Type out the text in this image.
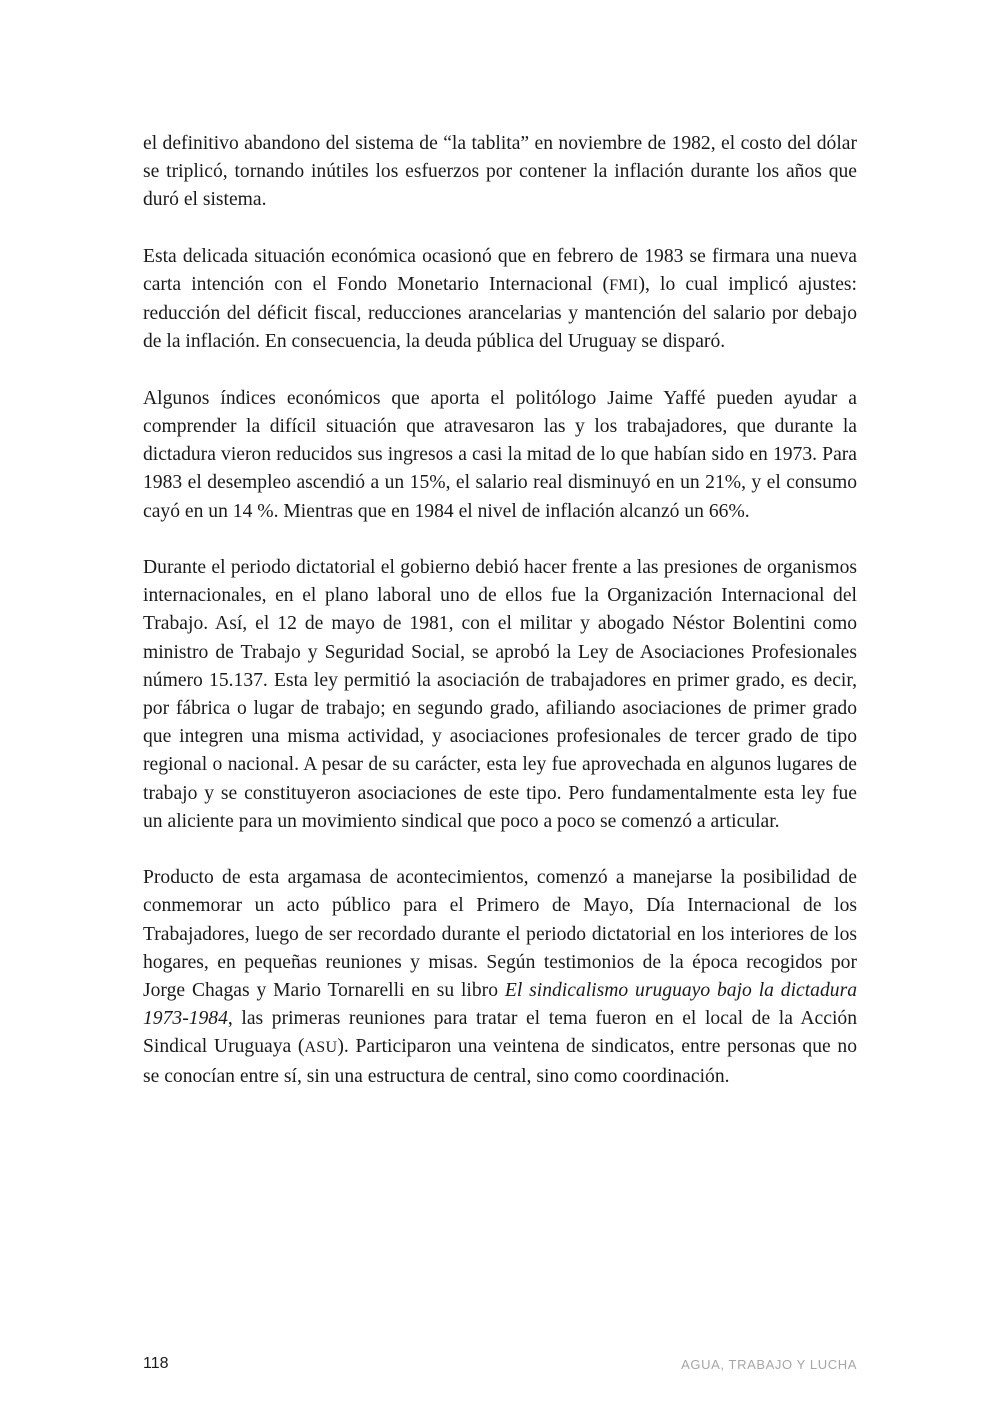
el definitivo abandono del sistema de “la tablita” en noviembre de 1982, el costo del dólar se triplicó, tornando inútiles los esfuerzos por contener la inflación durante los años que duró el sistema.

Esta delicada situación económica ocasionó que en febrero de 1983 se firmara una nueva carta intención con el Fondo Monetario Internacional (FMI), lo cual implicó ajustes: reducción del déficit fiscal, reducciones arancelarias y mantención del salario por debajo de la inflación. En consecuencia, la deuda pública del Uruguay se disparó.

Algunos índices económicos que aporta el politólogo Jaime Yaffé pueden ayudar a comprender la difícil situación que atravesaron las y los trabajadores, que durante la dictadura vieron reducidos sus ingresos a casi la mitad de lo que habían sido en 1973. Para 1983 el desempleo ascendió a un 15%, el salario real disminuyó en un 21%, y el consumo cayó en un 14 %. Mientras que en 1984 el nivel de inflación alcanzó un 66%.

Durante el periodo dictatorial el gobierno debió hacer frente a las presiones de organismos internacionales, en el plano laboral uno de ellos fue la Organización Internacional del Trabajo. Así, el 12 de mayo de 1981, con el militar y abogado Néstor Bolentini como ministro de Trabajo y Seguridad Social, se aprobó la Ley de Asociaciones Profesionales número 15.137. Esta ley permitió la asociación de trabajadores en primer grado, es decir, por fábrica o lugar de trabajo; en segundo grado, afiliando asociaciones de primer grado que integren una misma actividad, y asociaciones profesionales de tercer grado de tipo regional o nacional. A pesar de su carácter, esta ley fue aprovechada en algunos lugares de trabajo y se constituyeron asociaciones de este tipo. Pero fundamentalmente esta ley fue un aliciente para un movimiento sindical que poco a poco se comenzó a articular.

Producto de esta argamasa de acontecimientos, comenzó a manejarse la posibilidad de conmemorar un acto público para el Primero de Mayo, Día Internacional de los Trabajadores, luego de ser recordado durante el periodo dictatorial en los interiores de los hogares, en pequeñas reuniones y misas. Según testimonios de la época recogidos por Jorge Chagas y Mario Tornarelli en su libro El sindicalismo uruguayo bajo la dictadura 1973-1984, las primeras reuniones para tratar el tema fueron en el local de la Acción Sindical Uruguaya (ASU). Participaron una veintena de sindicatos, entre personas que no se conocían entre sí, sin una estructura de central, sino como coordinación.

118	AGUA, TRABAJO Y LUCHA
